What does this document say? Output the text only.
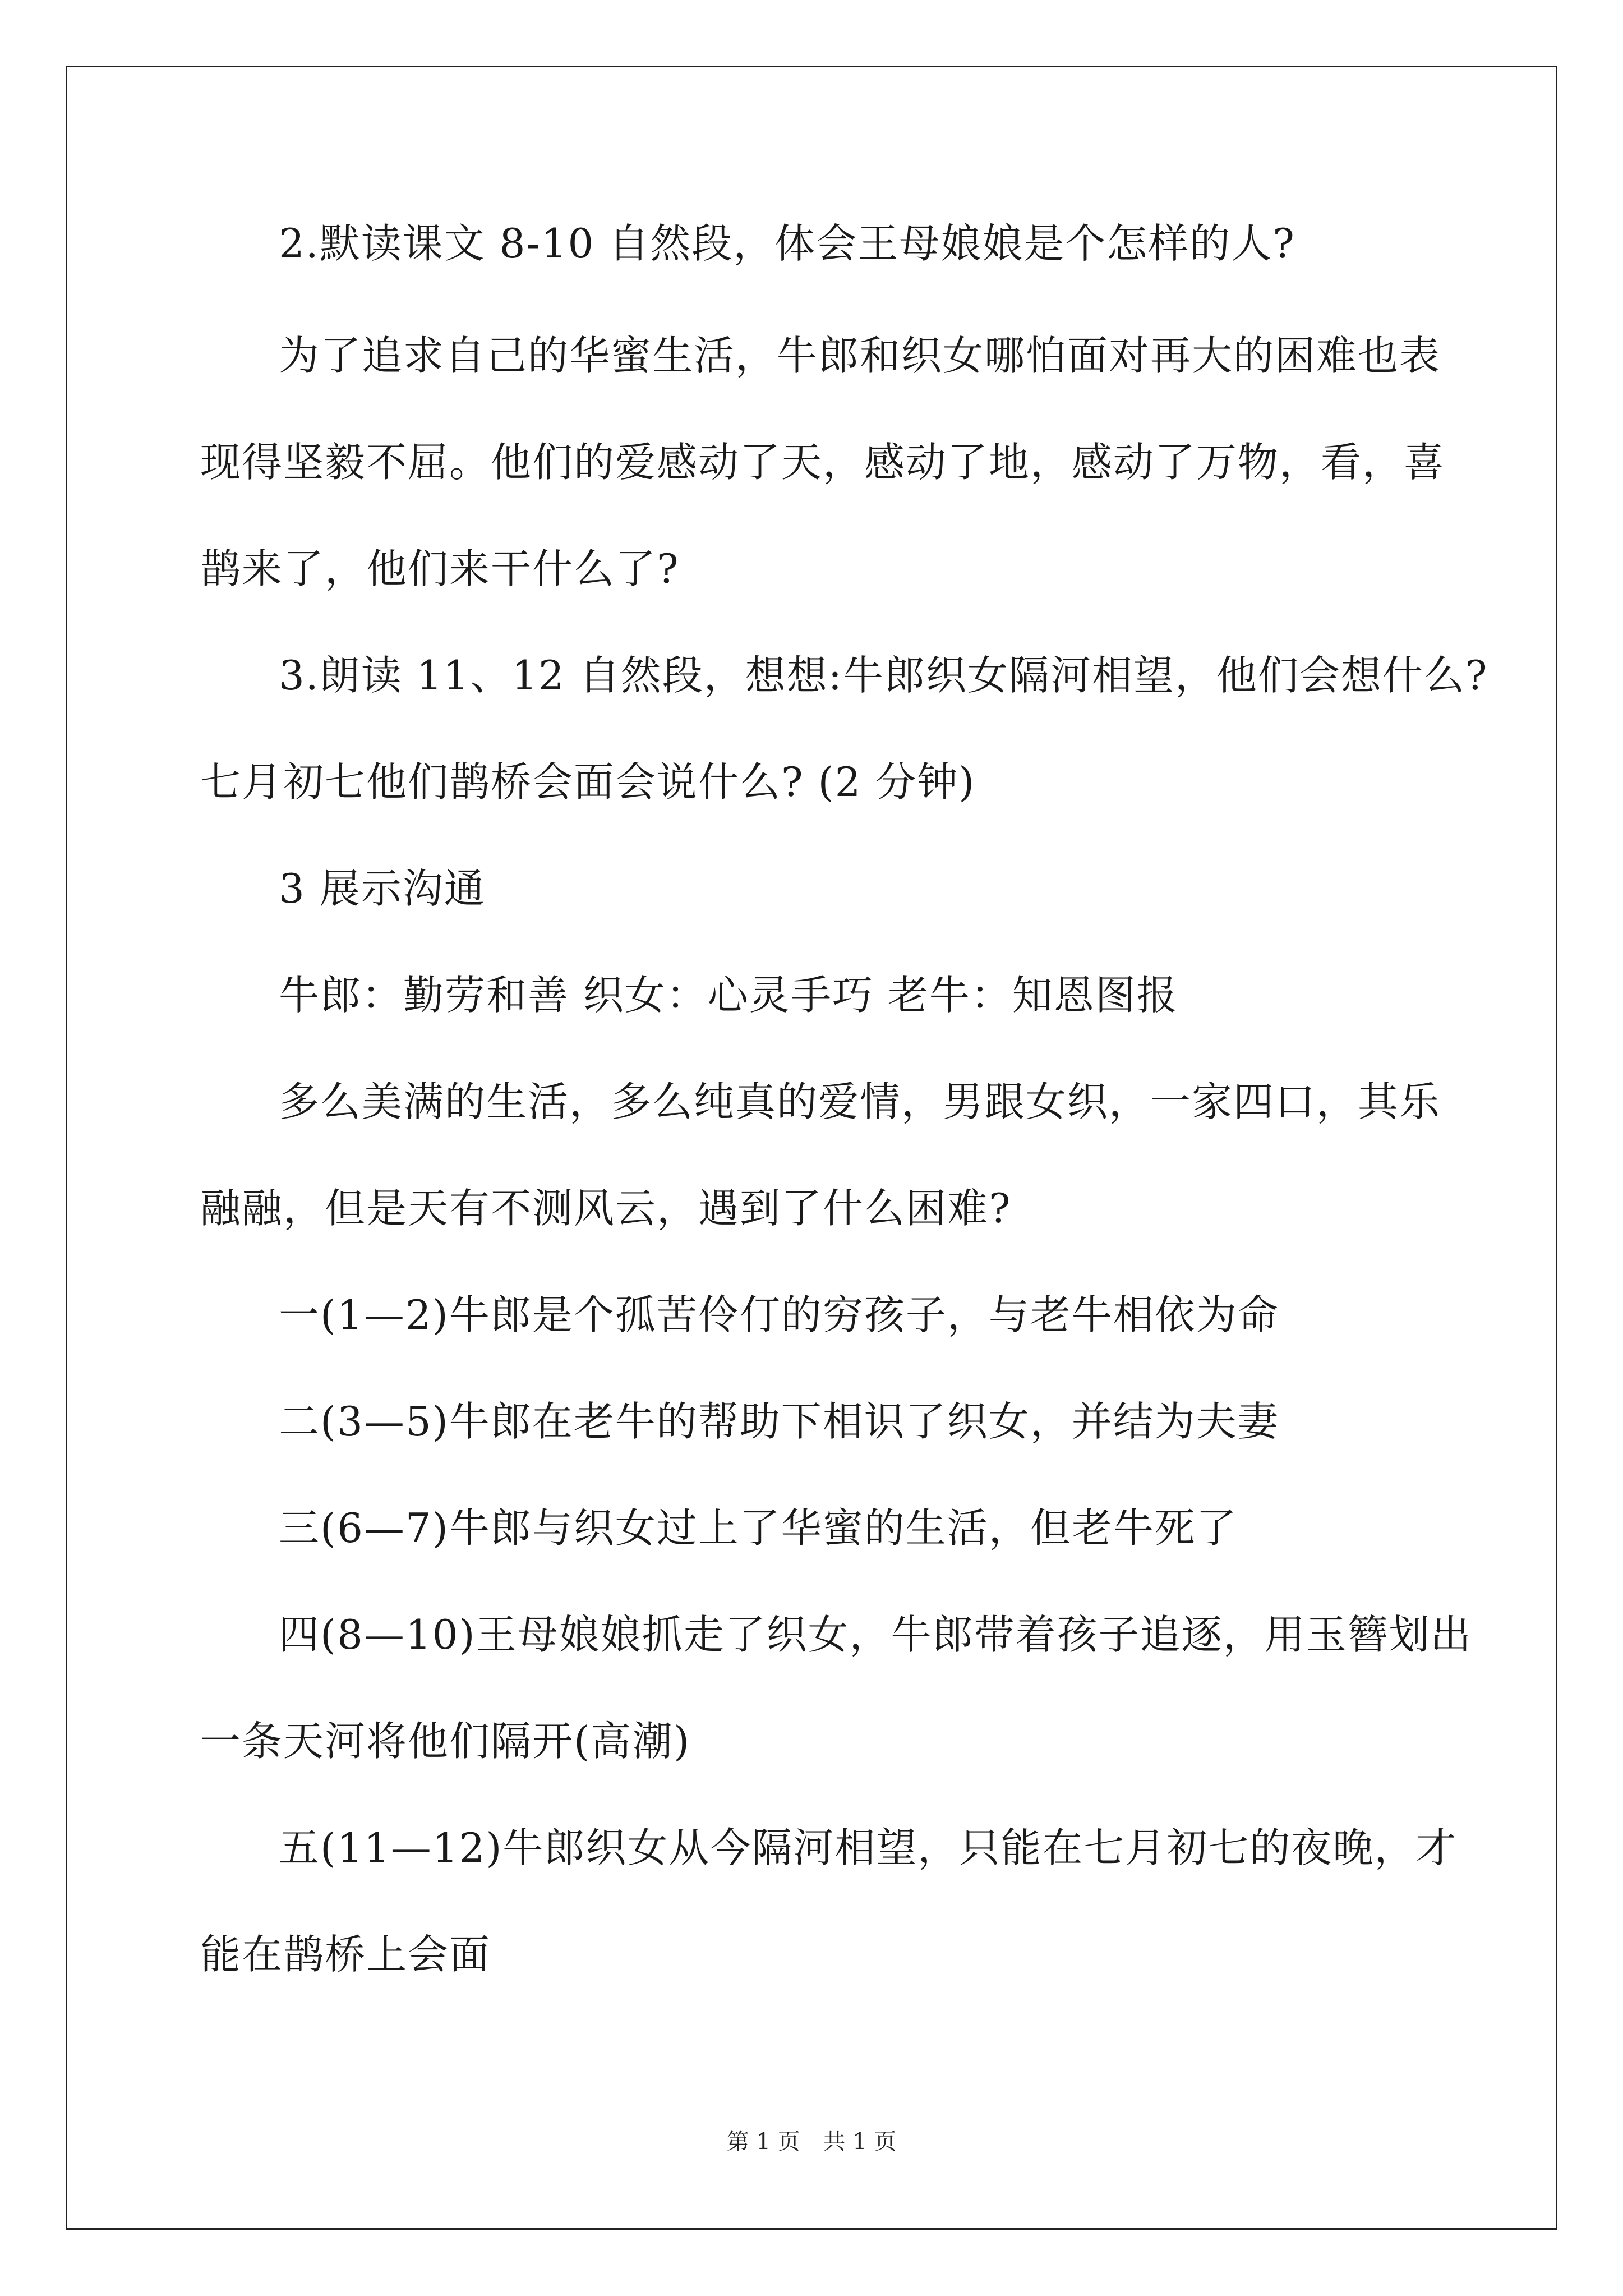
2.默读课文 8-10 自然段，体会王母娘娘是个怎样的人?
为了追求自己的华蜜生活，牛郎和织女哪怕面对再大的困难也表
现得坚毅不屈。他们的爱感动了天，感动了地，感动了万物，看，喜
鹊来了，他们来干什么了?
3.朗读 11、12 自然段，想想:牛郎织女隔河相望，他们会想什么?
七月初七他们鹊桥会面会说什么? (2 分钟)
3 展示沟通
牛郎：勤劳和善 织女：心灵手巧 老牛：知恩图报
多么美满的生活，多么纯真的爱情，男跟女织，一家四口，其乐
融融，但是天有不测风云，遇到了什么困难?
一(1—2)牛郎是个孤苦伶仃的穷孩子，与老牛相依为命
二(3—5)牛郎在老牛的帮助下相识了织女，并结为夫妻
三(6—7)牛郎与织女过上了华蜜的生活，但老牛死了
四(8—10)王母娘娘抓走了织女，牛郎带着孩子追逐，用玉簪划出
一条天河将他们隔开(高潮)
五(11—12)牛郎织女从今隔河相望，只能在七月初七的夜晚，才
能在鹊桥上会面
第 1 页 共 1 页
